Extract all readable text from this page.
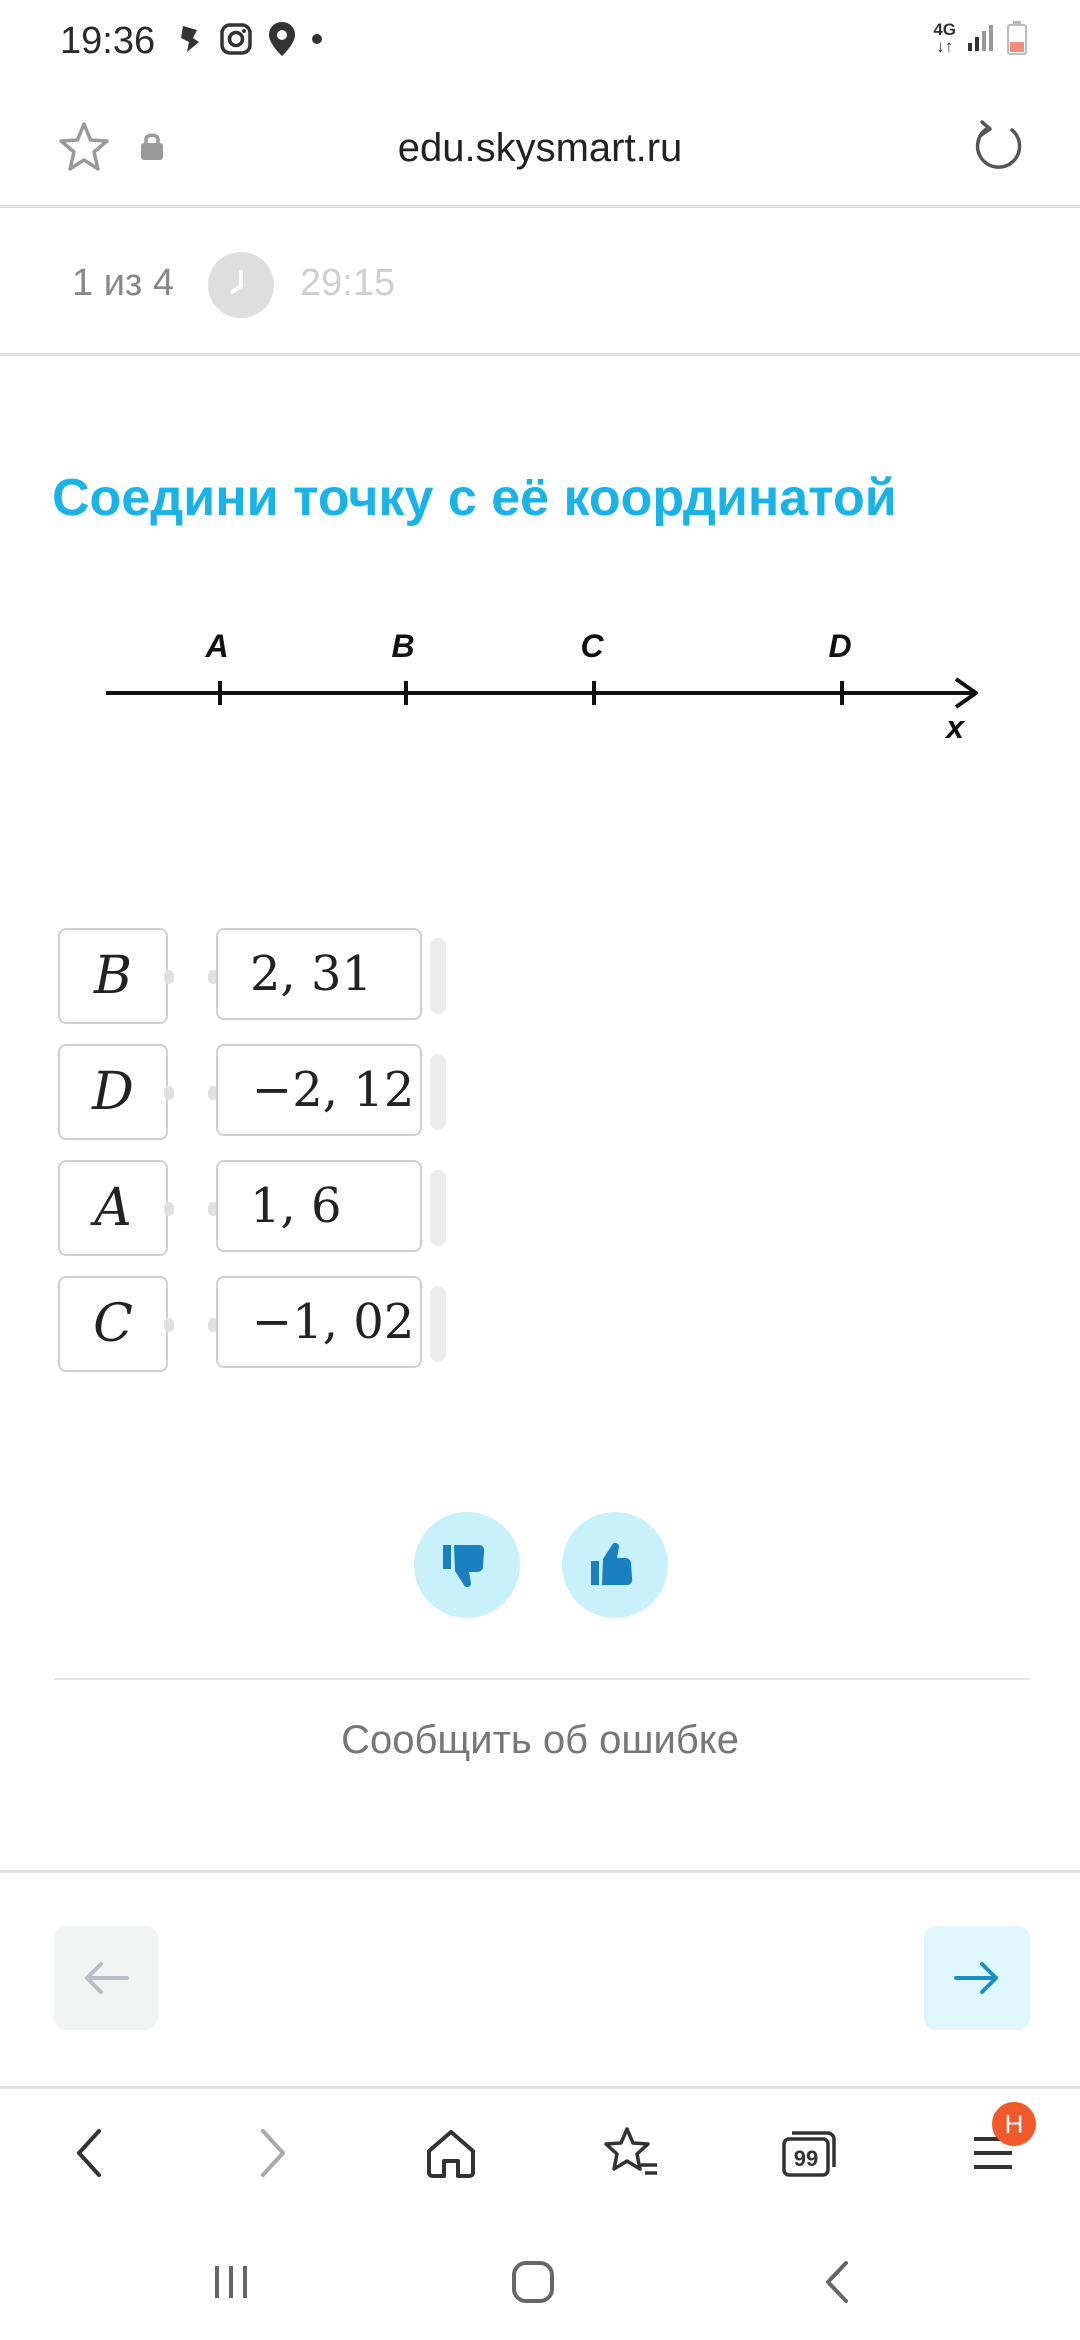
19:36	4G
↓↑
edu.skysmart.ru
1 из 4	29:15
Соедини точку с её координатой
A	B	C	D
x
B	2, 31
D	−2, 12
A	1, 6
C	−1, 02
Сообщить об ошибке
99
Н
